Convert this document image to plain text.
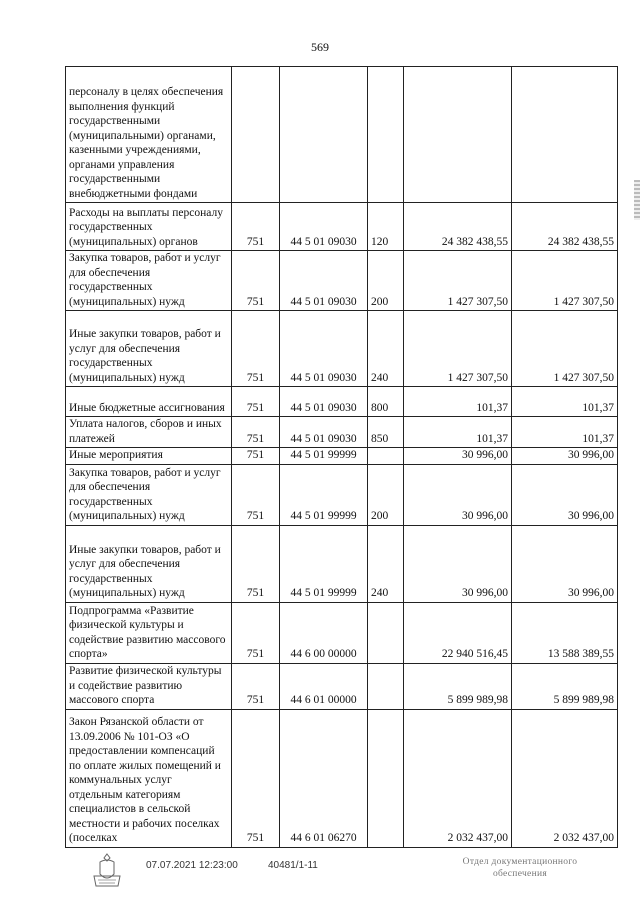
569
персоналу в целях обеспечения выполнения функций государственными (муниципальными) органами, казенными учреждениями, органами управления государственными внебюджетными фондами					
Расходы на выплаты персоналу государственных (муниципальных) органов	751	44 5 01 09030	120	24 382 438,55	24 382 438,55
Закупка товаров, работ и услуг для обеспечения государственных (муниципальных) нужд	751	44 5 01 09030	200	1 427 307,50	1 427 307,50
Иные закупки товаров, работ и услуг для обеспечения государственных (муниципальных) нужд	751	44 5 01 09030	240	1 427 307,50	1 427 307,50
Иные бюджетные ассигнования	751	44 5 01 09030	800	101,37	101,37
Уплата налогов, сборов и иных платежей	751	44 5 01 09030	850	101,37	101,37
Иные мероприятия	751	44 5 01 99999		30 996,00	30 996,00
Закупка товаров, работ и услуг для обеспечения государственных (муниципальных) нужд	751	44 5 01 99999	200	30 996,00	30 996,00
Иные закупки товаров, работ и услуг для обеспечения государственных (муниципальных) нужд	751	44 5 01 99999	240	30 996,00	30 996,00
Подпрограмма «Развитие физической культуры и содействие развитию массового спорта»	751	44 6 00 00000		22 940 516,45	13 588 389,55
Развитие физической культуры и содействие развитию массового спорта	751	44 6 01 00000		5 899 989,98	5 899 989,98
Закон Рязанской области от 13.09.2006 № 101-ОЗ «О предоставлении компенсаций по оплате жилых помещений и коммунальных услуг отдельным категориям специалистов в сельской местности и рабочих поселках (поселках	751	44 6 01 06270		2 032 437,00	2 032 437,00
07.07.2021 12:23:00	40481/1-11	Отдел документационного
обеспечения
